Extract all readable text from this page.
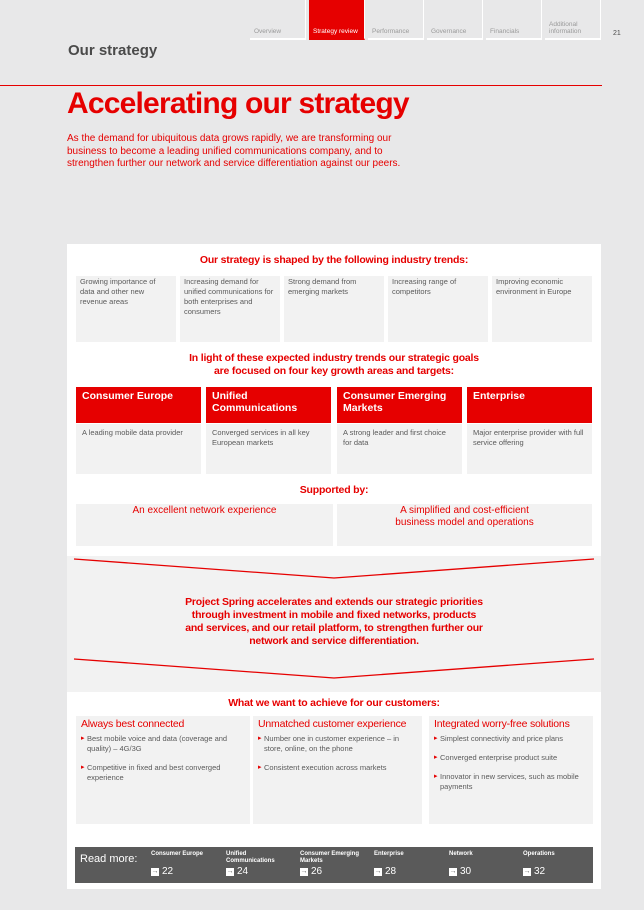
Overview	Strategy review Performance	Governance	Financials
Additional information	21
Our strategy
Accelerating our strategy

As the demand for ubiquitous data grows rapidly, we are transforming our business to become a leading unified communications company, and to strengthen further our network and service differentiation against our peers.

Our strategy is shaped by the following industry trends:
Growing importance of data and other new revenue areas
Increasing demand for unified communications for both enterprises and consumers
Strong demand from emerging markets
Increasing range of competitors
Improving economic environment in Europe
In light of these expected industry trends our strategic goals
are focused on four key growth areas and targets:
Consumer Europe
A leading mobile data provider
Unified Communications
Converged services in all key European markets
Consumer Emerging Markets
A strong leader and first choice for data
Enterprise
Major enterprise provider with full service offering
Supported by:
An excellent network experience	A simplified and cost-efficient business model and operations
Project Spring accelerates and extends our strategic priorities
through investment in mobile and fixed networks, products
and services, and our retail platform, to strengthen further our
network and service differentiation.
What we want to achieve for our customers:
Always best connected
▸ Best mobile voice and data (coverage and quality) – 4G/3G
▸ Competitive in fixed and best converged experience
Unmatched customer experience
▸ Number one in customer experience – in store, online, on the phone
▸ Consistent execution across markets
Integrated worry-free solutions
▸ Simplest connectivity and price plans
▸ Converged enterprise product suite
▸ Innovator in new services, such as mobile payments
Read more: Consumer Europe
→ 22
Unified Communications
→ 24
Consumer Emerging Markets
→ 26
Enterprise
→ 28
Network
→ 30
Operations
→ 32
